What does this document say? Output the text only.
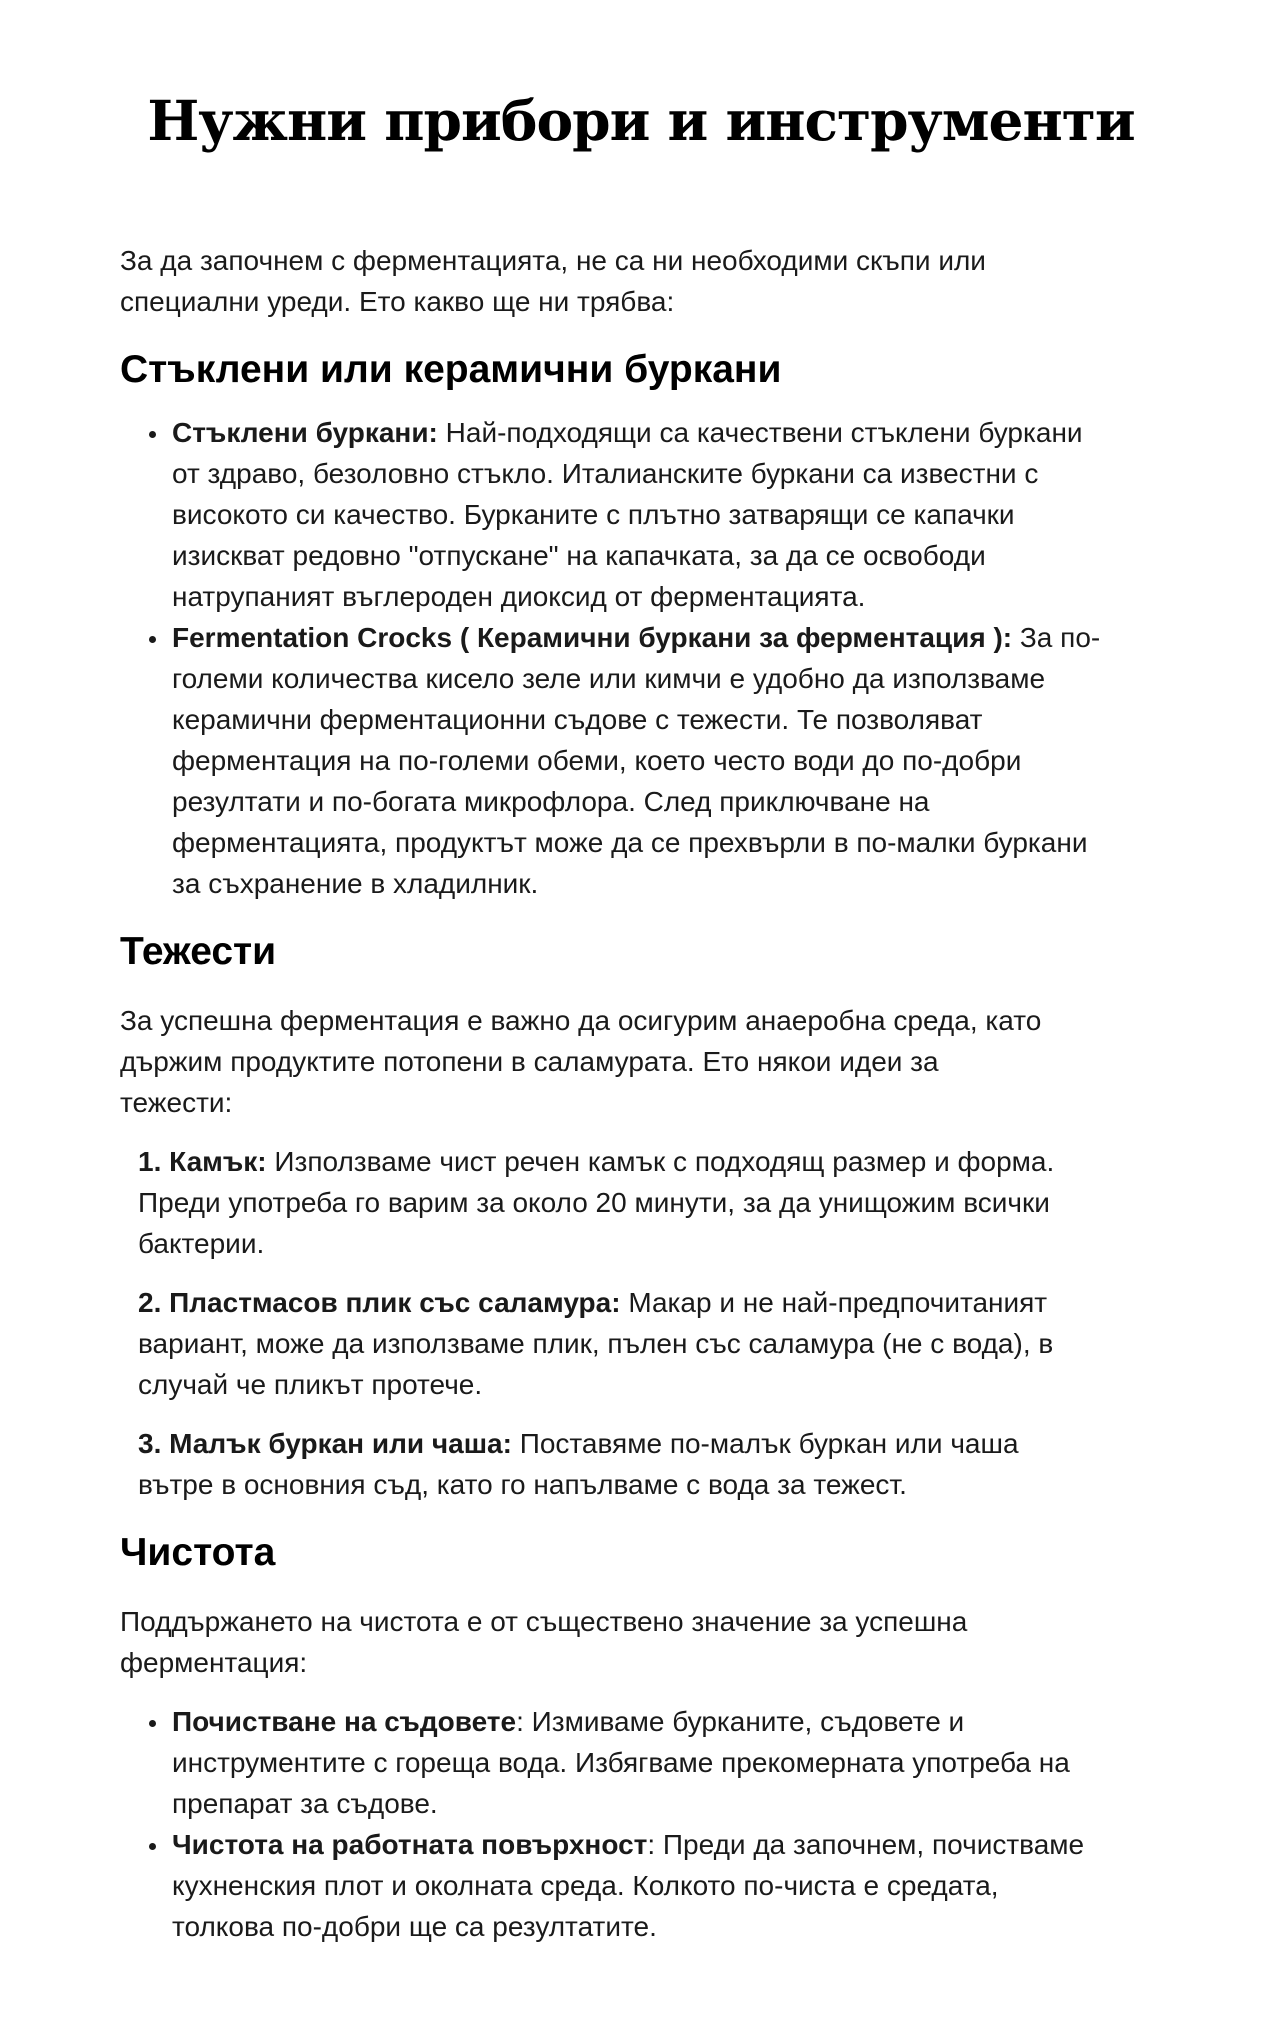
Нужни прибори и инструменти

За да започнем с ферментацията, не са ни необходими скъпи или специални уреди. Ето какво ще ни трябва:

Стъклени или керамични буркани
• Стъклени буркани: Най-подходящи са качествени стъклени буркани от здраво, безоловно стъкло. Италианските буркани са известни с високото си качество. Бурканите с плътно затварящи се капачки изискват редовно "отпускане" на капачката, за да се освободи натрупаният въглероден диоксид от ферментацията.
• Fermentation Crocks ( Керамични буркани за ферментация ): За по-големи количества кисело зеле или кимчи е удобно да използваме керамични ферментационни съдове с тежести. Те позволяват ферментация на по-големи обеми, което често води до по-добри резултати и по-богата микрофлора. След приключване на ферментацията, продуктът може да се прехвърли в по-малки буркани за съхранение в хладилник.
Тежести

За успешна ферментация е важно да осигурим анаеробна среда, като държим продуктите потопени в саламурата. Ето някои идеи за тежести:

1. Камък: Използваме чист речен камък с подходящ размер и форма. Преди употреба го варим за около 20 минути, за да унищожим всички бактерии.

2. Пластмасов плик със саламура: Макар и не най-предпочитаният вариант, може да използваме плик, пълен със саламура (не с вода), в случай че пликът протече.

3. Малък буркан или чаша: Поставяме по-малък буркан или чаша вътре в основния съд, като го напълваме с вода за тежест.

Чистота

Поддържането на чистота е от съществено значение за успешна ферментация:

• Почистване на съдовете: Измиваме бурканите, съдовете и инструментите с гореща вода. Избягваме прекомерната употреба на препарат за съдове.
• Чистота на работната повърхност: Преди да започнем, почистваме кухненския плот и околната среда. Колкото по-чиста е средата, толкова по-добри ще са резултатите.
